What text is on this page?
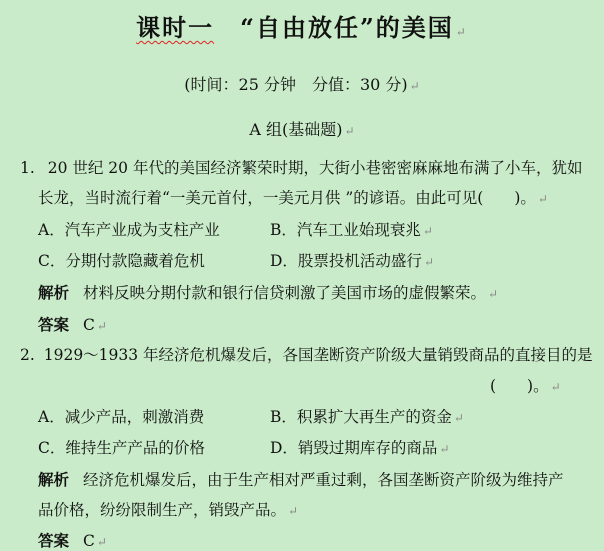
课时一 “自由放任”的美国 ↵
(时间：25 分钟　分值：30 分) ↵
A 组(基础题) ↵
1. 20 世纪 20 年代的美国经济繁荣时期，大街小巷密密麻麻地布满了小车，犹如
长龙，当时流行着“一美元首付，一美元月供 ”的谚语。由此可见(　　)。 ↵
A．汽车产业成为支柱产业	B．汽车工业始现衰兆 ↵
C．分期付款隐藏着危机	D．股票投机活动盛行 ↵
解析 材料反映分期付款和银行信贷刺激了美国市场的虚假繁荣。 ↵
答案 C ↵
2. 1929～1933 年经济危机爆发后，各国垄断资产阶级大量销毁商品的直接目的是
(　　)。 ↵
A．减少产品，刺激消费	B．积累扩大再生产的资金 ↵
C．维持生产产品的价格	D．销毁过期库存的商品 ↵
解析 经济危机爆发后，由于生产相对严重过剩，各国垄断资产阶级为维持产
品价格，纷纷限制生产，销毁产品。 ↵
答案 C ↵
